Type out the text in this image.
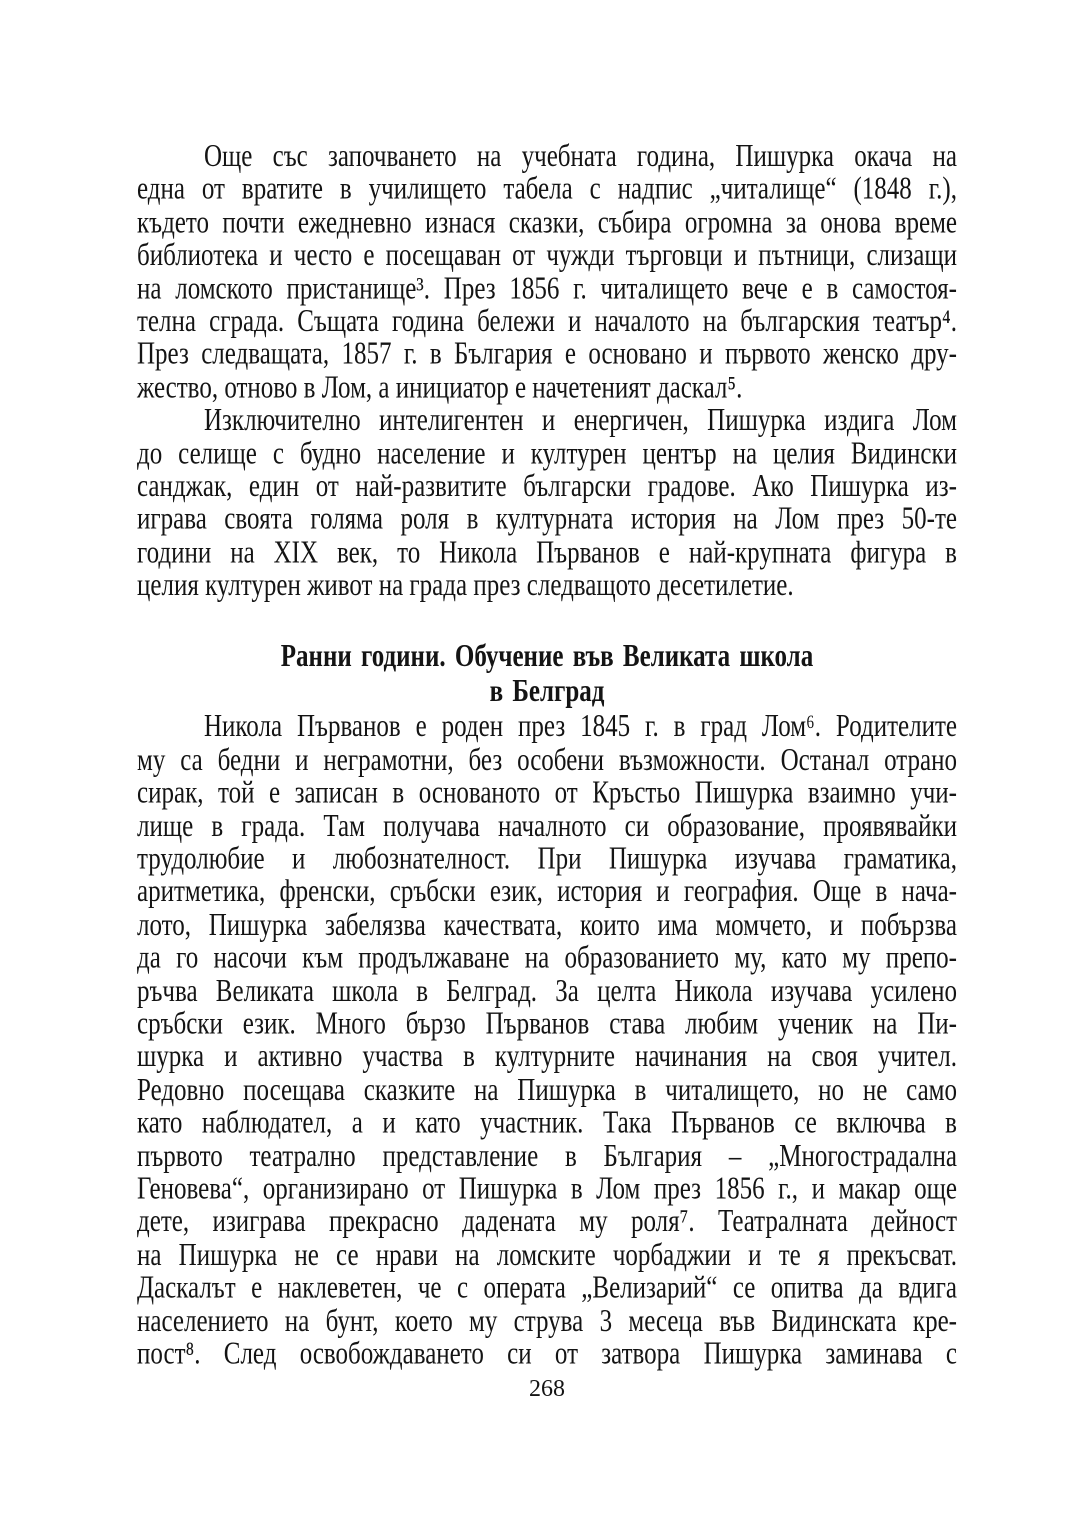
Още със започването на учебната година, Пишурка окача на
една от вратите в училището табела с надпис „читалище“ (1848 г.),
където почти ежедневно изнася сказки, събира огромна за онова време
библиотека и често е посещаван от чужди търговци и пътници, слизащи
на ломското пристанище³. През 1856 г. читалището вече е в самостоя-
телна сграда. Същата година бележи и началото на българския театър⁴.
През следващата, 1857 г. в България е основано и първото женско дру-
жество, отново в Лом, а инициатор е начетеният даскал⁵.
Изключително интелигентен и енергичен, Пишурка издига Лом
до селище с будно население и културен център на целия Видински
санджак, един от най-развитите български градове. Ако Пишурка из-
играва своята голяма роля в културната история на Лом през 50-те
години на XIX век, то Никола Първанов е най-крупната фигура в
целия културен живот на града през следващото десетилетие.
Ранни години. Обучение във Великата школа
в Белград
Никола Първанов е роден през 1845 г. в град Лом⁶. Родителите
му са бедни и неграмотни, без особени възможности. Останал отрано
сирак, той е записан в основаното от Кръстьо Пишурка взаимно учи-
лище в града. Там получава началното си образование, проявявайки
трудолюбие и любознателност. При Пишурка изучава граматика,
аритметика, френски, сръбски език, история и география. Още в нача-
лото, Пишурка забелязва качествата, които има момчето, и побързва
да го насочи към продължаване на образованието му, като му препо-
ръчва Великата школа в Белград. За целта Никола изучава усилено
сръбски език. Много бързо Първанов става любим ученик на Пи-
шурка и активно участва в културните начинания на своя учител.
Редовно посещава сказките на Пишурка в читалището, но не само
като наблюдател, а и като участник. Така Първанов се включва в
първото театрално представление в България – „Многострадална
Геновева“, организирано от Пишурка в Лом през 1856 г., и макар още
дете, изиграва прекрасно дадената му роля⁷. Театралната дейност
на Пишурка не се нрави на ломските чорбаджии и те я прекъсват.
Даскалът е наклеветен, че с операта „Велизарий“ се опитва да вдига
населението на бунт, което му струва 3 месеца във Видинската кре-
пост⁸. След освобождаването си от затвора Пишурка заминава с
268
